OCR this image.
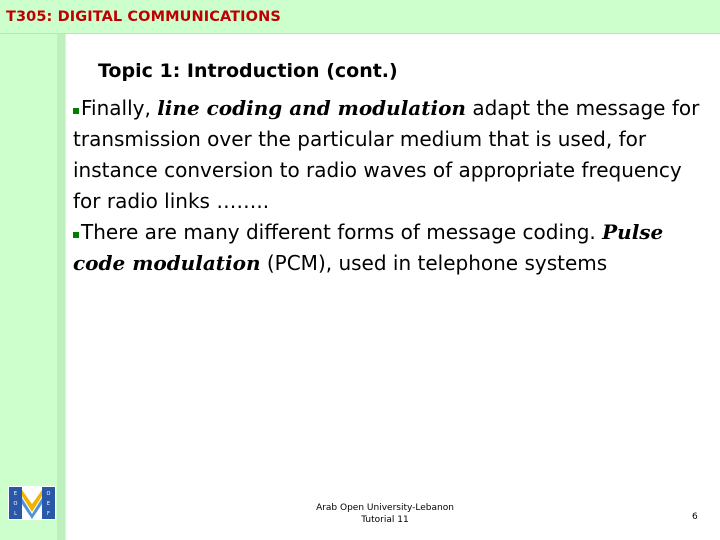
T305: DIGITAL COMMUNICATIONS
Topic 1: Introduction (cont.)

Finally, line coding and modulation adapt the message for transmission over the particular medium that is used, for instance conversion to radio waves of appropriate frequency for radio links ……..

There are many different forms of message coding. Pulse code modulation (PCM), used in telephone systems

E
O
L
O
E
F
Arab Open University-Lebanon
Tutorial 11	6
